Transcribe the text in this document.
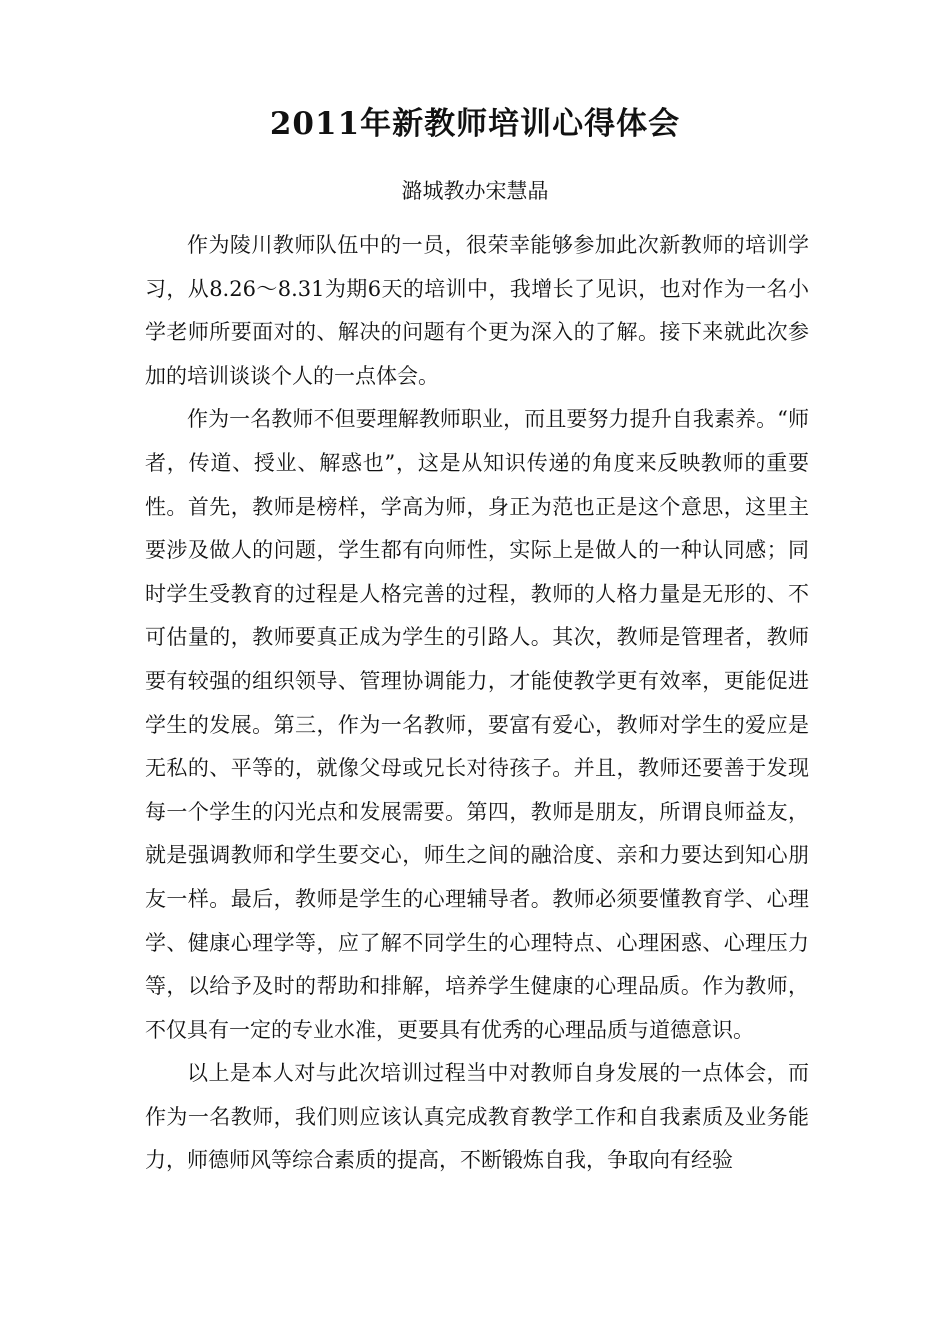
2011年新教师培训心得体会

潞城教办宋慧晶

作为陵川教师队伍中的一员，很荣幸能够参加此次新教师的培训学习，从8.26～8.31为期6天的培训中，我增长了见识，也对作为一名小学老师所要面对的、解决的问题有个更为深入的了解。接下来就此次参加的培训谈谈个人的一点体会。

作为一名教师不但要理解教师职业，而且要努力提升自我素养。“师者，传道、授业、解惑也”，这是从知识传递的角度来反映教师的重要性。首先，教师是榜样，学高为师，身正为范也正是这个意思，这里主要涉及做人的问题，学生都有向师性，实际上是做人的一种认同感；同时学生受教育的过程是人格完善的过程，教师的人格力量是无形的、不可估量的，教师要真正成为学生的引路人。其次，教师是管理者，教师要有较强的组织领导、管理协调能力，才能使教学更有效率，更能促进学生的发展。第三，作为一名教师，要富有爱心，教师对学生的爱应是无私的、平等的，就像父母或兄长对待孩子。并且，教师还要善于发现每一个学生的闪光点和发展需要。第四，教师是朋友，所谓良师益友，就是强调教师和学生要交心，师生之间的融洽度、亲和力要达到知心朋友一样。最后，教师是学生的心理辅导者。教师必须要懂教育学、心理学、健康心理学等，应了解不同学生的心理特点、心理困惑、心理压力等，以给予及时的帮助和排解，培养学生健康的心理品质。作为教师，不仅具有一定的专业水准，更要具有优秀的心理品质与道德意识。

以上是本人对与此次培训过程当中对教师自身发展的一点体会，而作为一名教师，我们则应该认真完成教育教学工作和自我素质及业务能力，师德师风等综合素质的提高，不断锻炼自我，争取向有经验
